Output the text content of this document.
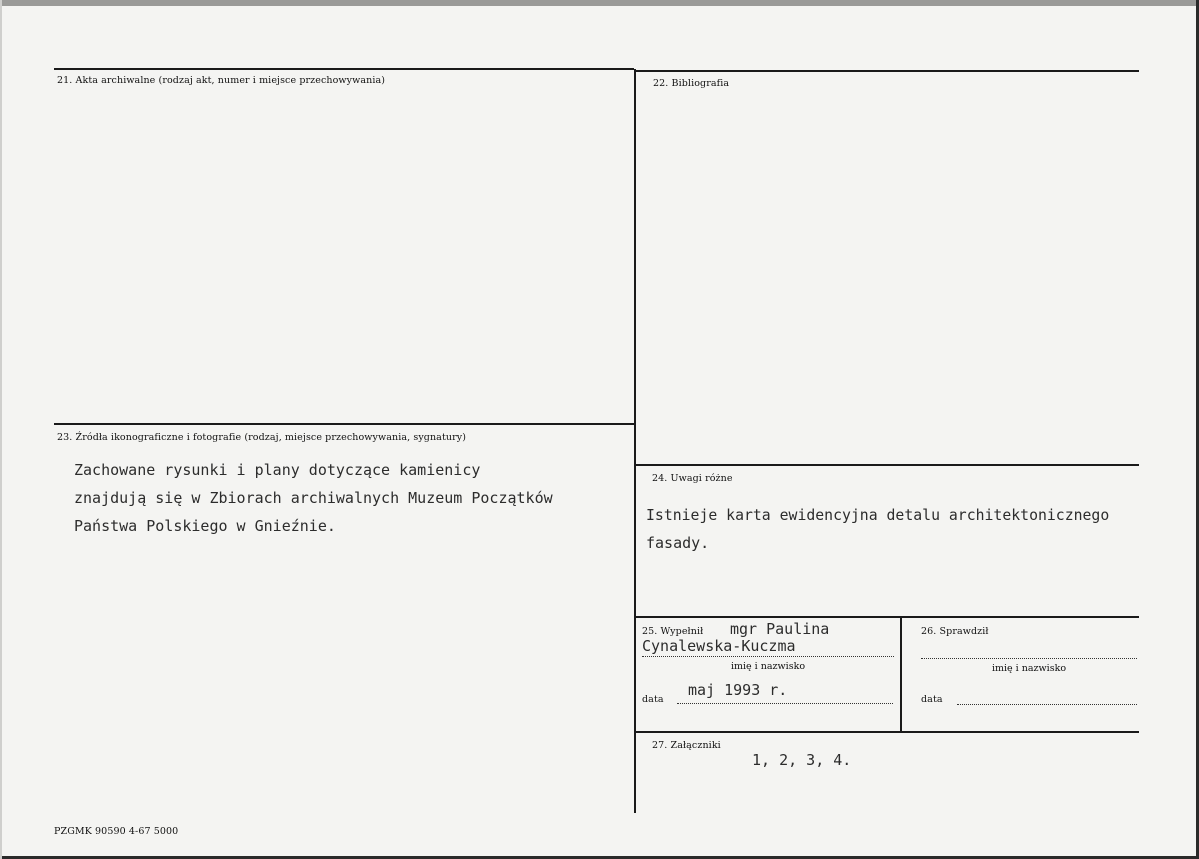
21. Akta archiwalne (rodzaj akt, numer i miejsce przechowywania)	22. Bibliografia
23. Źródła ikonograficzne i fotografie (rodzaj, miejsce przechowywania, sygnatury)
Zachowane rysunki i plany dotyczące kamienicy
znajdują się w Zbiorach archiwalnych Muzeum Początków
Państwa Polskiego w Gnieźnie.
24. Uwagi różne
Istnieje karta ewidencyjna detalu architektonicznego
fasady.
25. Wypełnił mgr Paulina
Cynalewska-Kuczma
imię i nazwisko
data
maj 1993 r.
26. Sprawdził
imię i nazwisko
data
27. Załączniki
1, 2, 3, 4.
PZGMK 90590 4-67 5000
